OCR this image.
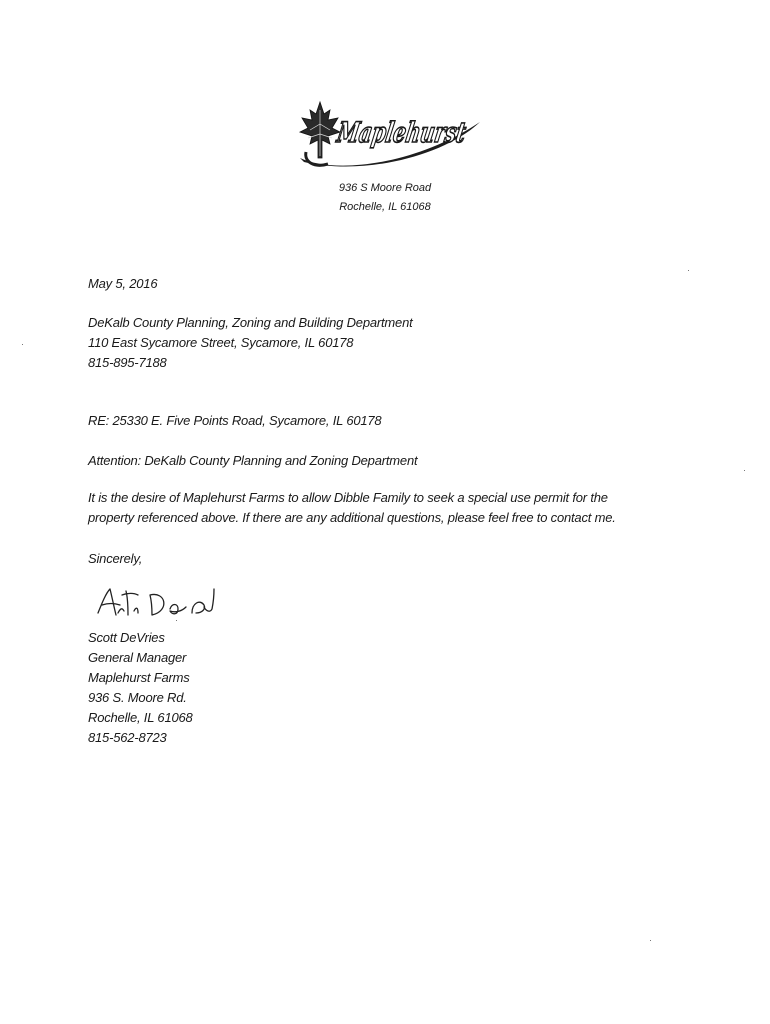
Maplehurst
936 S Moore Road
Rochelle, IL 61068
May 5, 2016
DeKalb County Planning, Zoning and Building Department
110 East Sycamore Street, Sycamore, IL 60178
815-895-7188
RE: 25330 E. Five Points Road, Sycamore, IL 60178
Attention: DeKalb County Planning and Zoning Department
It is the desire of Maplehurst Farms to allow Dibble Family to seek a special use permit for the
property referenced above. If there are any additional questions, please feel free to contact me.
Sincerely,
Scott DeVries
General Manager
Maplehurst Farms
936 S. Moore Rd.
Rochelle, IL 61068
815-562-8723
